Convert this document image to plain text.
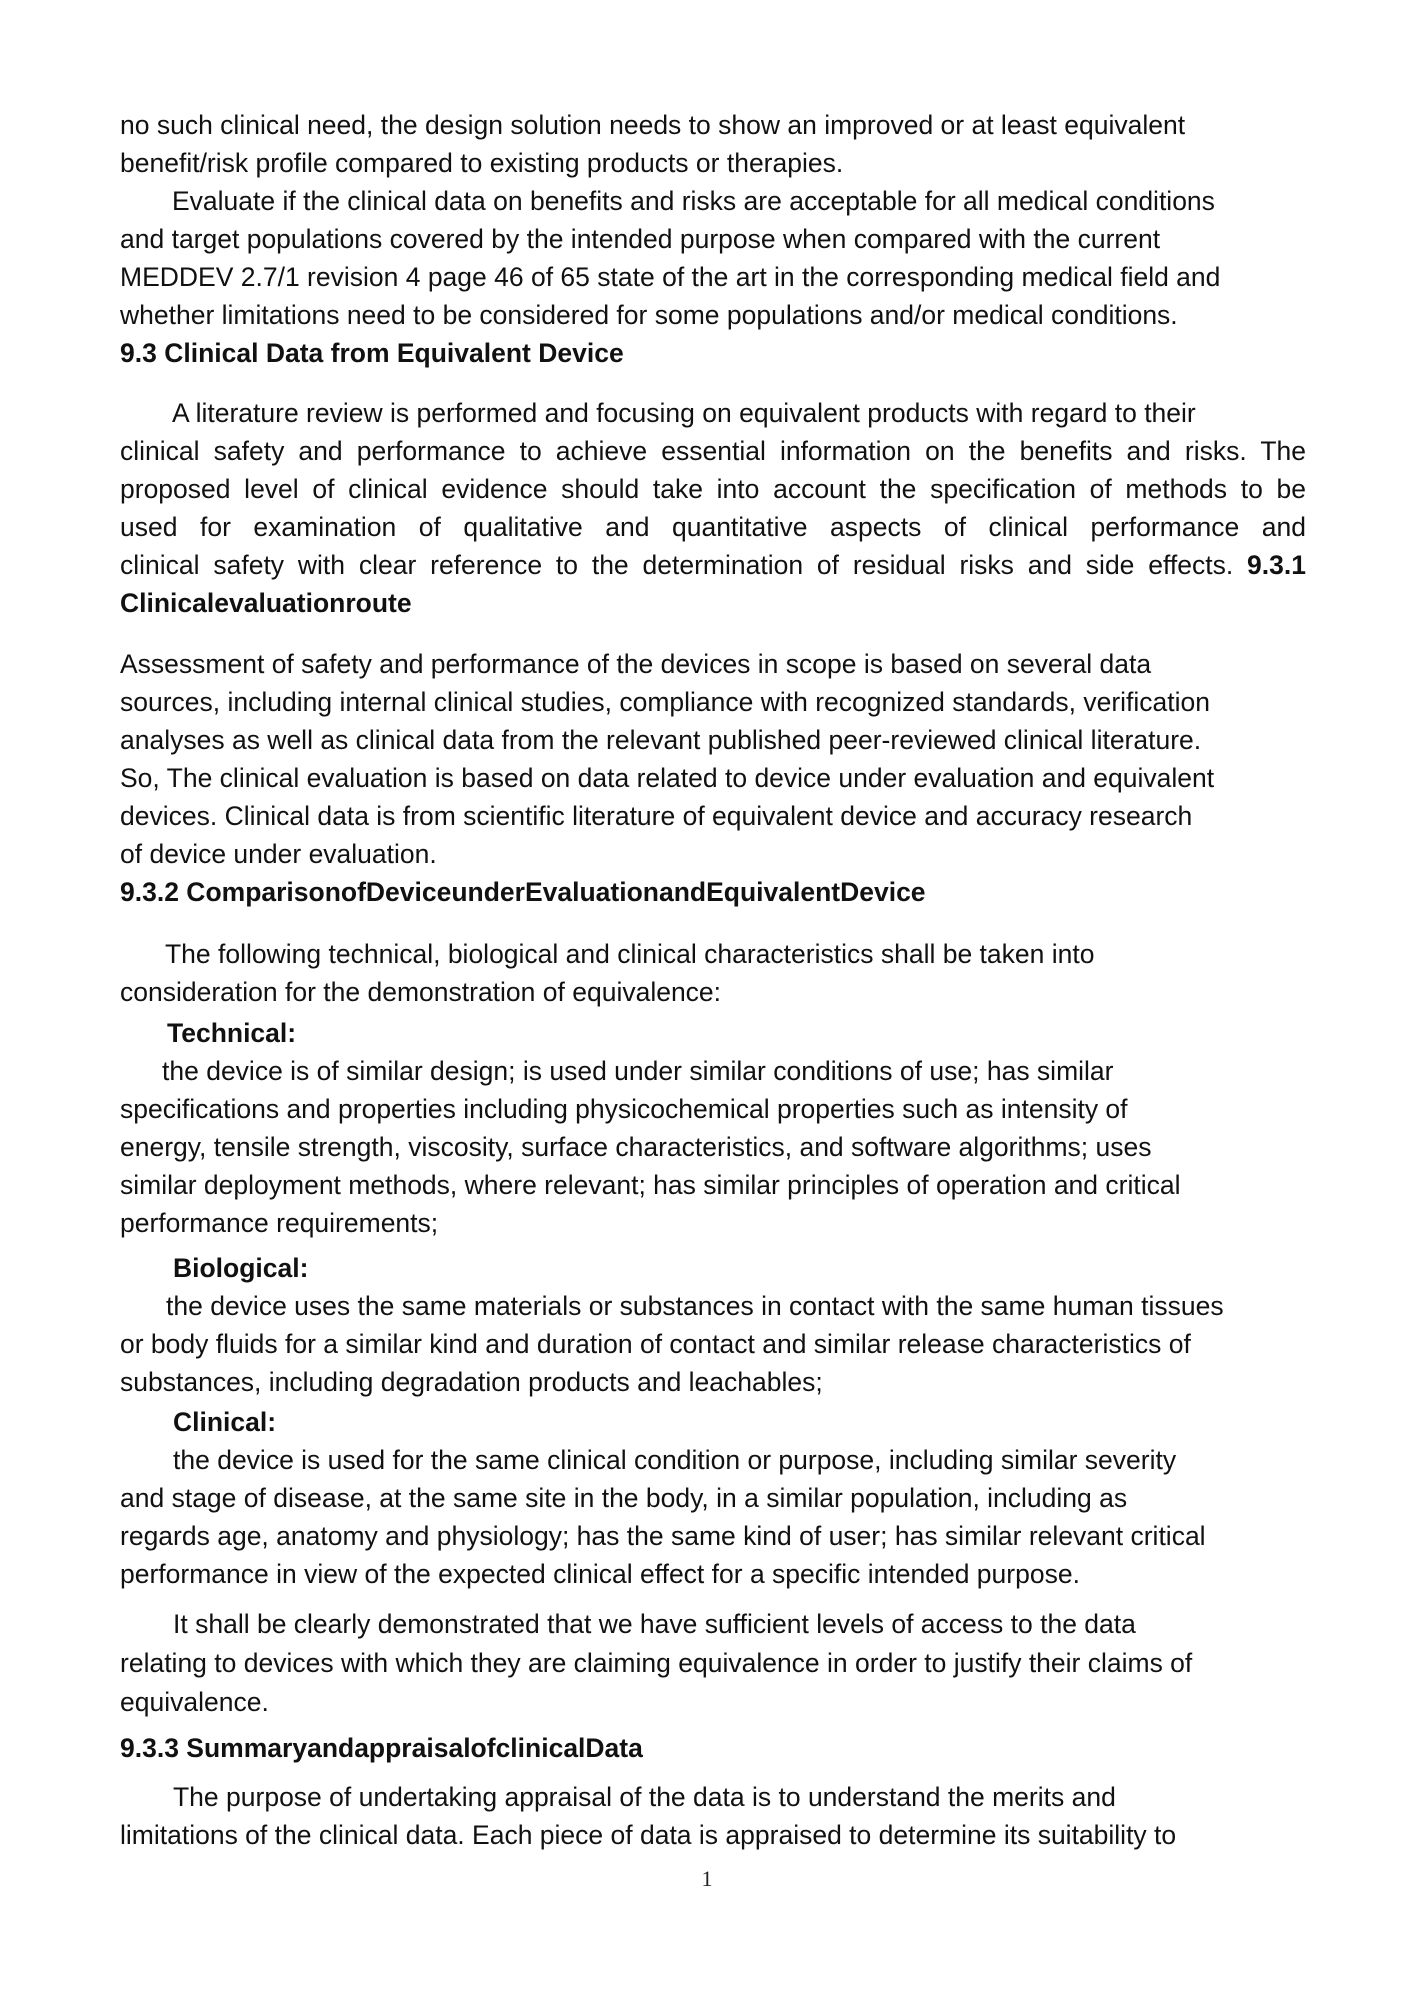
no such clinical need, the design solution needs to show an improved or at least equivalent
benefit/risk profile compared to existing products or therapies.
Evaluate if the clinical data on benefits and risks are acceptable for all medical conditions
and target populations covered by the intended purpose when compared with the current
MEDDEV 2.7/1 revision 4 page 46 of 65 state of the art in the corresponding medical field and
whether limitations need to be considered for some populations and/or medical conditions.
9.3 Clinical Data from Equivalent Device
A literature review is performed and focusing on equivalent products with regard to their
clinical safety and performance to achieve essential information on the benefits and risks. The
proposed level of clinical evidence should take into account the specification of methods to be
used for examination of qualitative and quantitative aspects of clinical performance and
clinical safety with clear reference to the determination of residual risks and side effects. 9.3.1
Clinicalevaluationroute
Assessment of safety and performance of the devices in scope is based on several data
sources, including internal clinical studies, compliance with recognized standards, verification
analyses as well as clinical data from the relevant published peer-reviewed clinical literature.
So, The clinical evaluation is based on data related to device under evaluation and equivalent
devices. Clinical data is from scientific literature of equivalent device and accuracy research
of device under evaluation.
9.3.2 ComparisonofDeviceunderEvaluationandEquivalentDevice
The following technical, biological and clinical characteristics shall be taken into
consideration for the demonstration of equivalence:
Technical:
the device is of similar design; is used under similar conditions of use; has similar
specifications and properties including physicochemical properties such as intensity of
energy, tensile strength, viscosity, surface characteristics, and software algorithms; uses
similar deployment methods, where relevant; has similar principles of operation and critical
performance requirements;
Biological:
the device uses the same materials or substances in contact with the same human tissues
or body fluids for a similar kind and duration of contact and similar release characteristics of
substances, including degradation products and leachables;
Clinical:
the device is used for the same clinical condition or purpose, including similar severity
and stage of disease, at the same site in the body, in a similar population, including as
regards age, anatomy and physiology; has the same kind of user; has similar relevant critical
performance in view of the expected clinical effect for a specific intended purpose.
It shall be clearly demonstrated that we have sufficient levels of access to the data
relating to devices with which they are claiming equivalence in order to justify their claims of
equivalence.
9.3.3 SummaryandappraisalofclinicalData
The purpose of undertaking appraisal of the data is to understand the merits and
limitations of the clinical data. Each piece of data is appraised to determine its suitability to
1
